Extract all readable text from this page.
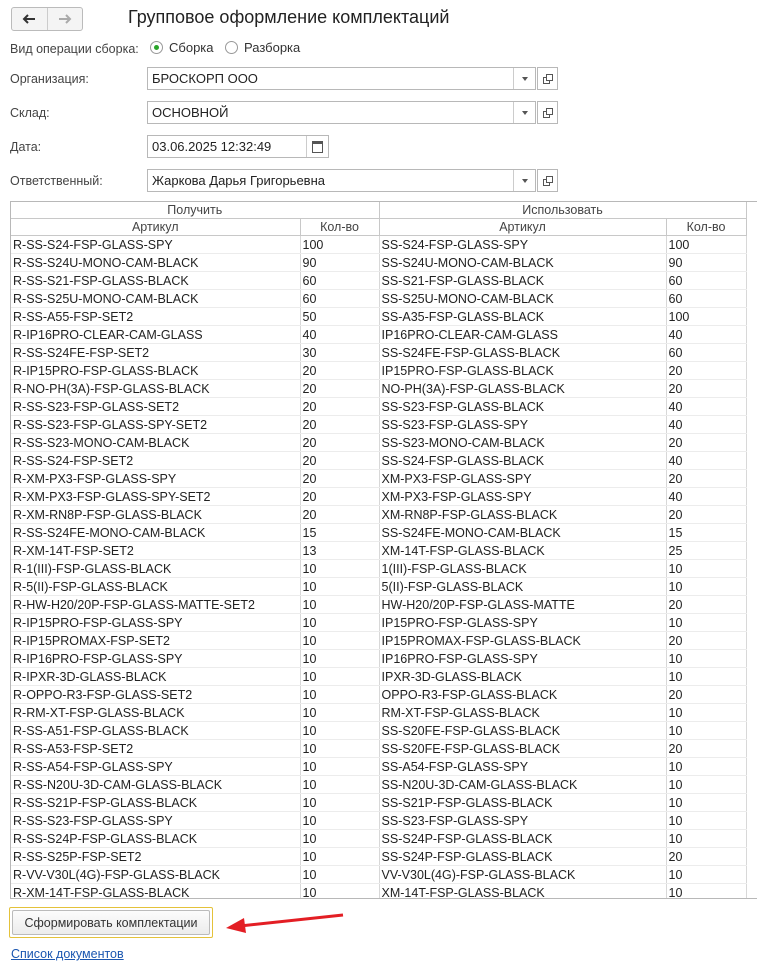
Групповое оформление комплектаций
Вид операции сборка: Сборка Разборка
Организация:	БРОСКОРП ООО
Склад:	ОСНОВНОЙ
Дата:	03.06.2025 12:32:49
Ответственный:	Жаркова Дарья Григорьевна
Получить		Использовать	
Артикул	Кол-во	Артикул	Кол-во
R-SS-S24-FSP-GLASS-SPY	100	SS-S24-FSP-GLASS-SPY	100
R-SS-S24U-MONO-CAM-BLACK	90	SS-S24U-MONO-CAM-BLACK	90
R-SS-S21-FSP-GLASS-BLACK	60	SS-S21-FSP-GLASS-BLACK	60
R-SS-S25U-MONO-CAM-BLACK	60	SS-S25U-MONO-CAM-BLACK	60
R-SS-A55-FSP-SET2	50	SS-A35-FSP-GLASS-BLACK	100
R-IP16PRO-CLEAR-CAM-GLASS	40	IP16PRO-CLEAR-CAM-GLASS	40
R-SS-S24FE-FSP-SET2	30	SS-S24FE-FSP-GLASS-BLACK	60
R-IP15PRO-FSP-GLASS-BLACK	20	IP15PRO-FSP-GLASS-BLACK	20
R-NO-PH(3A)-FSP-GLASS-BLACK	20	NO-PH(3A)-FSP-GLASS-BLACK	20
R-SS-S23-FSP-GLASS-SET2	20	SS-S23-FSP-GLASS-BLACK	40
R-SS-S23-FSP-GLASS-SPY-SET2	20	SS-S23-FSP-GLASS-SPY	40
R-SS-S23-MONO-CAM-BLACK	20	SS-S23-MONO-CAM-BLACK	20
R-SS-S24-FSP-SET2	20	SS-S24-FSP-GLASS-BLACK	40
R-XM-PX3-FSP-GLASS-SPY	20	XM-PX3-FSP-GLASS-SPY	20
R-XM-PX3-FSP-GLASS-SPY-SET2	20	XM-PX3-FSP-GLASS-SPY	40
R-XM-RN8P-FSP-GLASS-BLACK	20	XM-RN8P-FSP-GLASS-BLACK	20
R-SS-S24FE-MONO-CAM-BLACK	15	SS-S24FE-MONO-CAM-BLACK	15
R-XM-14T-FSP-SET2	13	XM-14T-FSP-GLASS-BLACK	25
R-1(III)-FSP-GLASS-BLACK	10	1(III)-FSP-GLASS-BLACK	10
R-5(II)-FSP-GLASS-BLACK	10	5(II)-FSP-GLASS-BLACK	10
R-HW-H20/20P-FSP-GLASS-MATTE-SET2	10	HW-H20/20P-FSP-GLASS-MATTE	20
R-IP15PRO-FSP-GLASS-SPY	10	IP15PRO-FSP-GLASS-SPY	10
R-IP15PROMAX-FSP-SET2	10	IP15PROMAX-FSP-GLASS-BLACK	20
R-IP16PRO-FSP-GLASS-SPY	10	IP16PRO-FSP-GLASS-SPY	10
R-IPXR-3D-GLASS-BLACK	10	IPXR-3D-GLASS-BLACK	10
R-OPPO-R3-FSP-GLASS-SET2	10	OPPO-R3-FSP-GLASS-BLACK	20
R-RM-XT-FSP-GLASS-BLACK	10	RM-XT-FSP-GLASS-BLACK	10
R-SS-A51-FSP-GLASS-BLACK	10	SS-S20FE-FSP-GLASS-BLACK	10
R-SS-A53-FSP-SET2	10	SS-S20FE-FSP-GLASS-BLACK	20
R-SS-A54-FSP-GLASS-SPY	10	SS-A54-FSP-GLASS-SPY	10
R-SS-N20U-3D-CAM-GLASS-BLACK	10	SS-N20U-3D-CAM-GLASS-BLACK	10
R-SS-S21P-FSP-GLASS-BLACK	10	SS-S21P-FSP-GLASS-BLACK	10
R-SS-S23-FSP-GLASS-SPY	10	SS-S23-FSP-GLASS-SPY	10
R-SS-S24P-FSP-GLASS-BLACK	10	SS-S24P-FSP-GLASS-BLACK	10
R-SS-S25P-FSP-SET2	10	SS-S24P-FSP-GLASS-BLACK	20
R-VV-V30L(4G)-FSP-GLASS-BLACK	10	VV-V30L(4G)-FSP-GLASS-BLACK	10
R-XM-14T-FSP-GLASS-BLACK	10	XM-14T-FSP-GLASS-BLACK	10

Сформировать комплектации
Список документов
